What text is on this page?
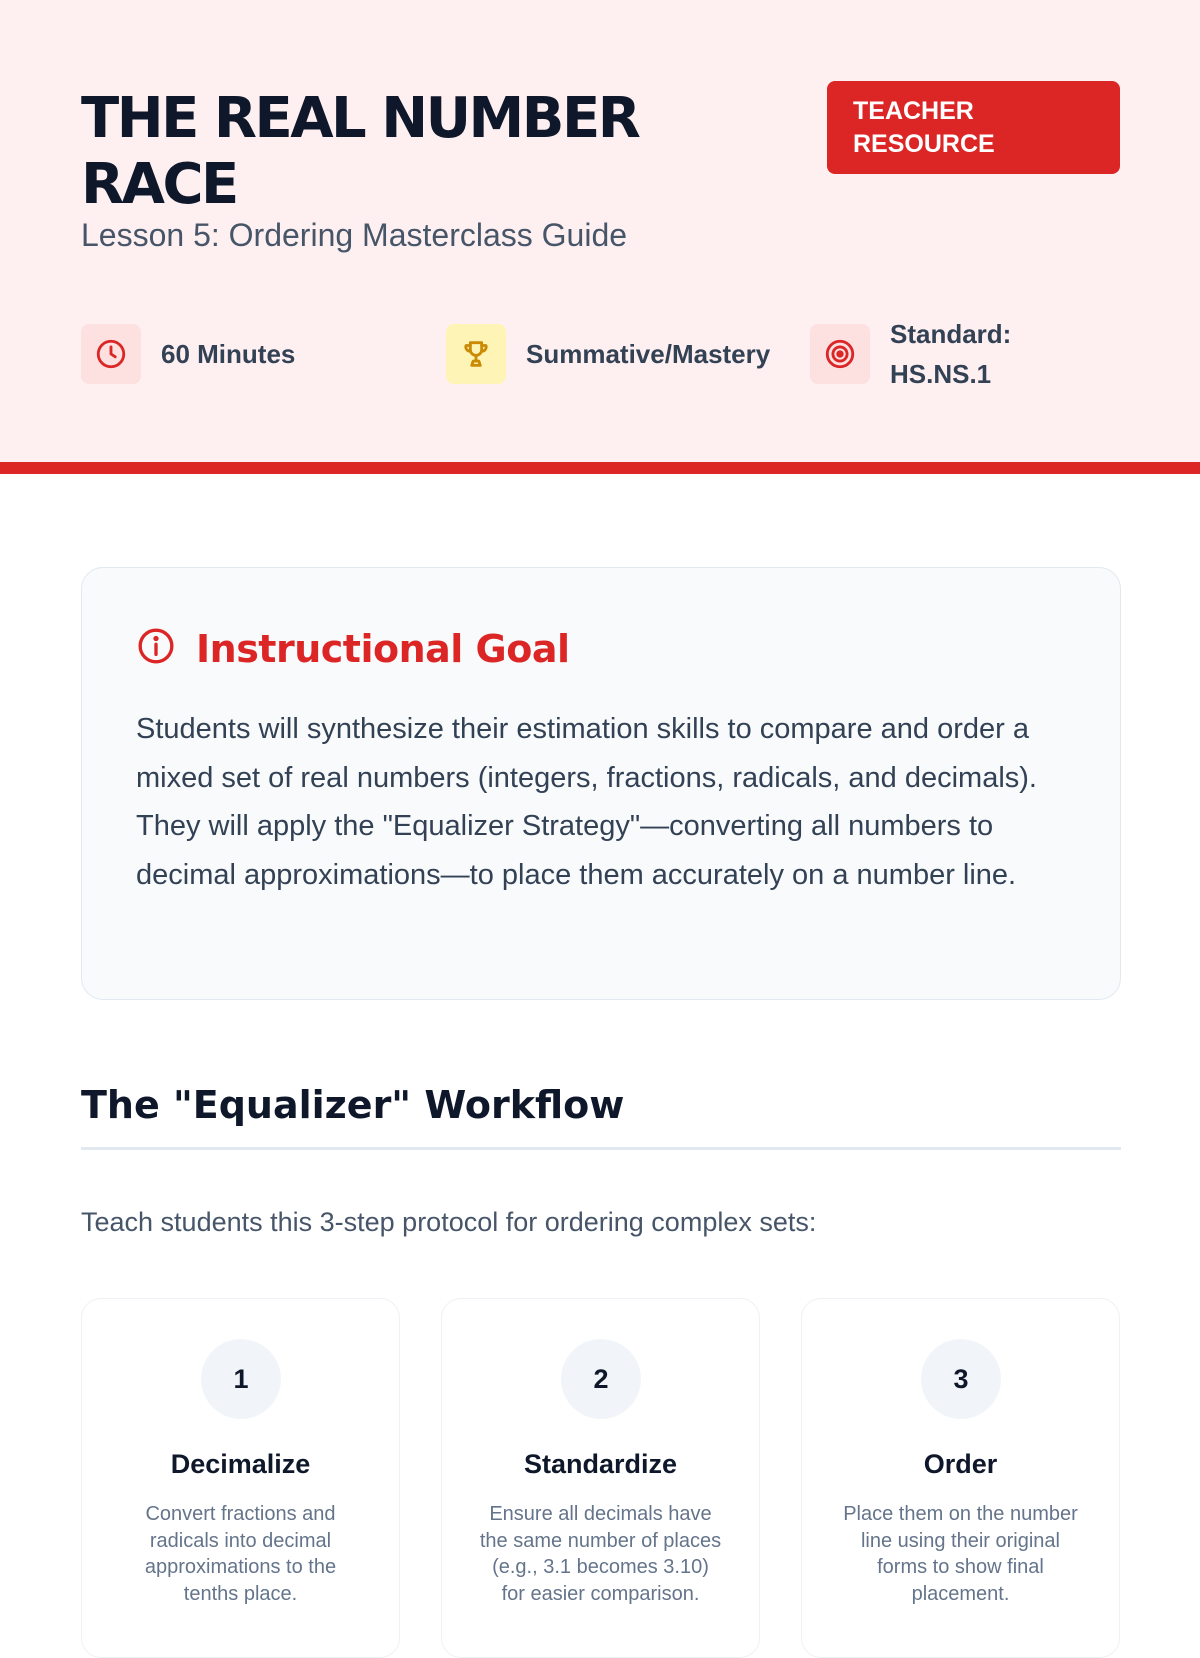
THE REAL NUMBER RACE
Lesson 5: Ordering Masterclass Guide
TEACHER RESOURCE
60 Minutes	Summative/Mastery
Standard: HS.NS.1
Instructional Goal

Students will synthesize their estimation skills to compare and order a mixed set of real numbers (integers, fractions, radicals, and decimals). They will apply the "Equalizer Strategy"—converting all numbers to decimal approximations—to place them accurately on a number line.

The "Equalizer" Workflow

Teach students this 3-step protocol for ordering complex sets:

1
Decimalize

Convert fractions and radicals into decimal approximations to the tenths place.

2
Standardize

Ensure all decimals have the same number of places (e.g., 3.1 becomes 3.10) for easier comparison.

3
Order

Place them on the number line using their original forms to show final placement.
